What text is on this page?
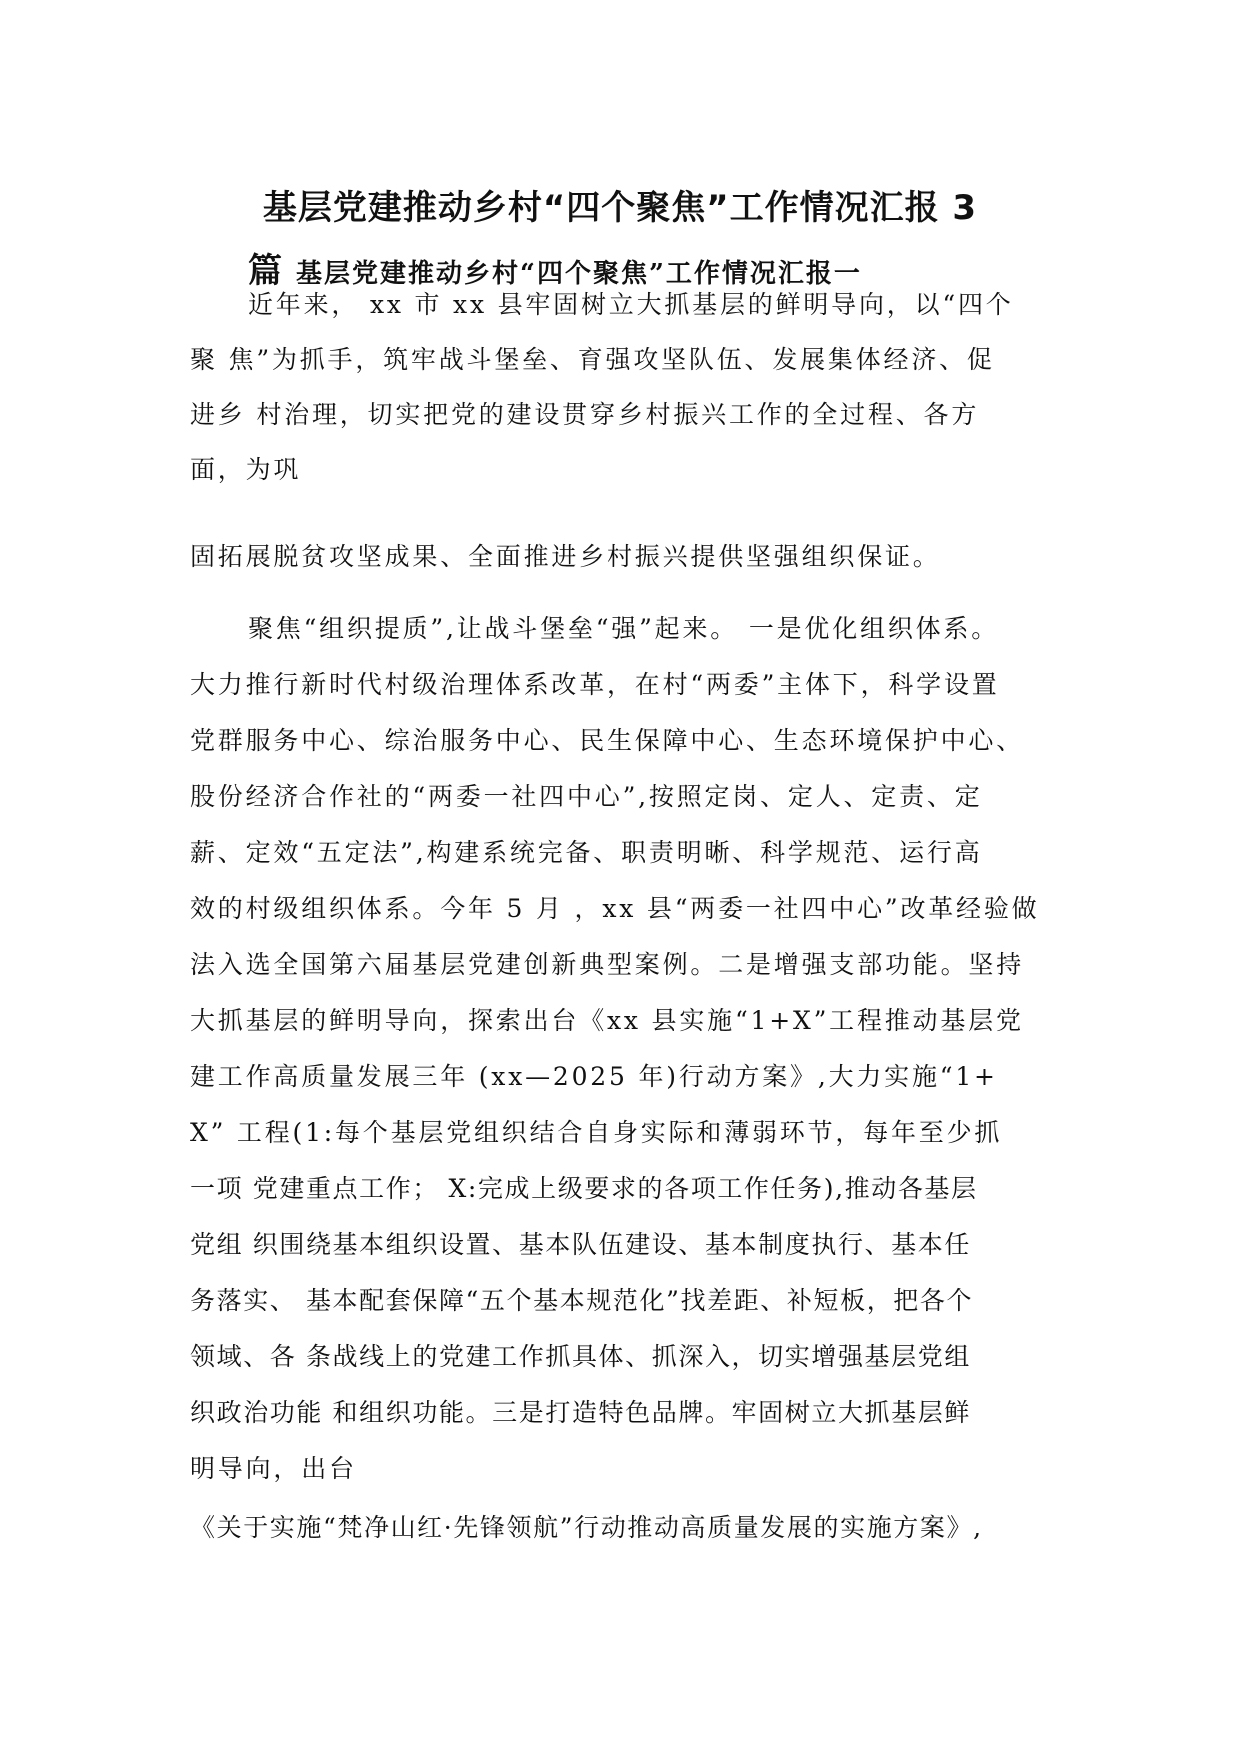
基层党建推动乡村“四个聚焦”工作情况汇报 3
篇 基层党建推动乡村“四个聚焦”工作情况汇报一
近年来， xx 市 xx 县牢固树立大抓基层的鲜明导向，以“四个
聚 焦”为抓手，筑牢战斗堡垒、育强攻坚队伍、发展集体经济、促
进乡 村治理，切实把党的建设贯穿乡村振兴工作的全过程、各方
面，为巩
固拓展脱贫攻坚成果、全面推进乡村振兴提供坚强组织保证。
聚焦“组织提质”,让战斗堡垒“强”起来。 一是优化组织体系。
大力推行新时代村级治理体系改革，在村“两委”主体下，科学设置
党群服务中心、综治服务中心、民生保障中心、生态环境保护中心、
股份经济合作社的“两委一社四中心”,按照定岗、定人、定责、定
薪、定效“五定法”,构建系统完备、职责明晰、科学规范、运行高
效的村级组织体系。今年 5 月 ，xx 县“两委一社四中心”改革经验做
法入选全国第六届基层党建创新典型案例。二是增强支部功能。坚持
大抓基层的鲜明导向，探索出台《xx 县实施“1+X”工程推动基层党
建工作高质量发展三年 (xx—2025 年)行动方案》,大力实施“1+
X” 工程(1:每个基层党组织结合自身实际和薄弱环节，每年至少抓
一项 党建重点工作； X:完成上级要求的各项工作任务),推动各基层
党组 织围绕基本组织设置、基本队伍建设、基本制度执行、基本任
务落实、 基本配套保障“五个基本规范化”找差距、补短板，把各个
领域、各 条战线上的党建工作抓具体、抓深入，切实增强基层党组
织政治功能 和组织功能。三是打造特色品牌。牢固树立大抓基层鲜
明导向，出台
《关于实施“梵净山红·先锋领航”行动推动高质量发展的实施方案》,
